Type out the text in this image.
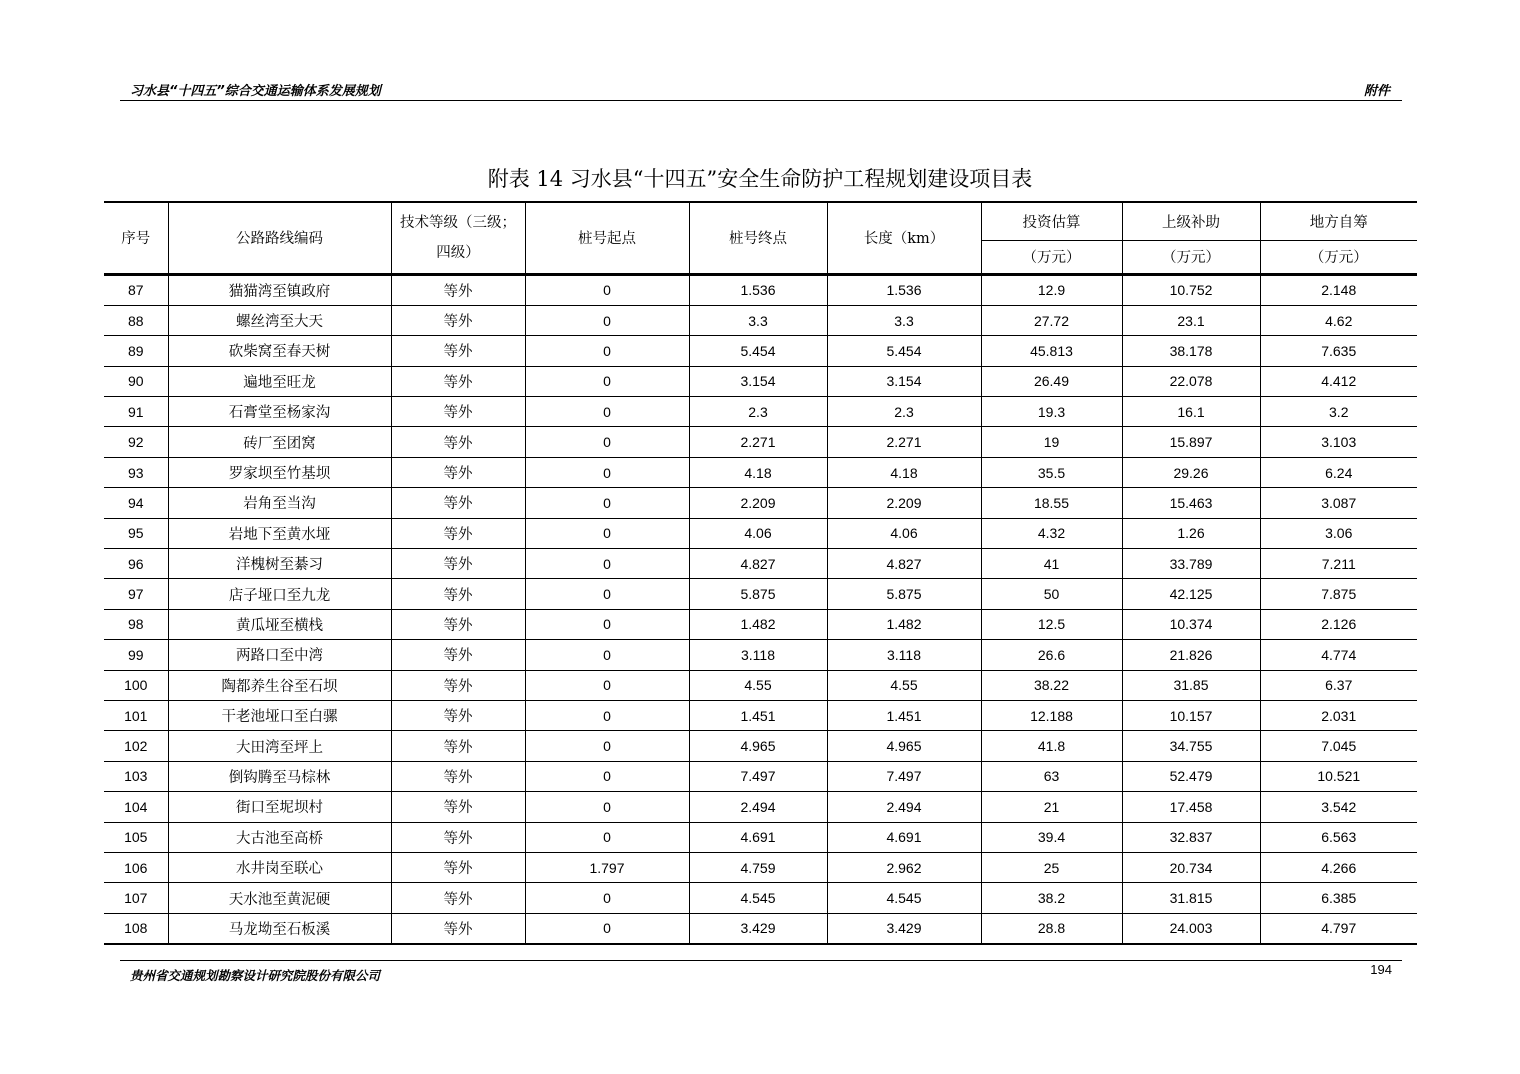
习水县“十四五”综合交通运输体系发展规划	附件
附表 14 习水县“十四五”安全生命防护工程规划建设项目表
序号	公路路线编码	技术等级（三级；四级）	桩号起点	桩号终点	长度（km）	投资估算	上级补助	地方自筹
						（万元）	（万元）	（万元）
87	猫猫湾至镇政府	等外	0	1.536	1.536	12.9	10.752	2.148
88	螺丝湾至大天	等外	0	3.3	3.3	27.72	23.1	4.62
89	砍柴窝至春天树	等外	0	5.454	5.454	45.813	38.178	7.635
90	遍地至旺龙	等外	0	3.154	3.154	26.49	22.078	4.412
91	石膏堂至杨家沟	等外	0	2.3	2.3	19.3	16.1	3.2
92	砖厂至团窝	等外	0	2.271	2.271	19	15.897	3.103
93	罗家坝至竹基坝	等外	0	4.18	4.18	35.5	29.26	6.24
94	岩角至当沟	等外	0	2.209	2.209	18.55	15.463	3.087
95	岩地下至黄水垭	等外	0	4.06	4.06	4.32	1.26	3.06
96	洋槐树至綦习	等外	0	4.827	4.827	41	33.789	7.211
97	店子垭口至九龙	等外	0	5.875	5.875	50	42.125	7.875
98	黄瓜垭至横栈	等外	0	1.482	1.482	12.5	10.374	2.126
99	两路口至中湾	等外	0	3.118	3.118	26.6	21.826	4.774
100	陶都养生谷至石坝	等外	0	4.55	4.55	38.22	31.85	6.37
101	干老池垭口至白骡	等外	0	1.451	1.451	12.188	10.157	2.031
102	大田湾至坪上	等外	0	4.965	4.965	41.8	34.755	7.045
103	倒钩腾至马棕林	等外	0	7.497	7.497	63	52.479	10.521
104	街口至坭坝村	等外	0	2.494	2.494	21	17.458	3.542
105	大古池至高桥	等外	0	4.691	4.691	39.4	32.837	6.563
106	水井岗至联心	等外	1.797	4.759	2.962	25	20.734	4.266
107	天水池至黄泥硬	等外	0	4.545	4.545	38.2	31.815	6.385
108	马龙坳至石板溪	等外	0	3.429	3.429	28.8	24.003	4.797
贵州省交通规划勘察设计研究院股份有限公司	194
